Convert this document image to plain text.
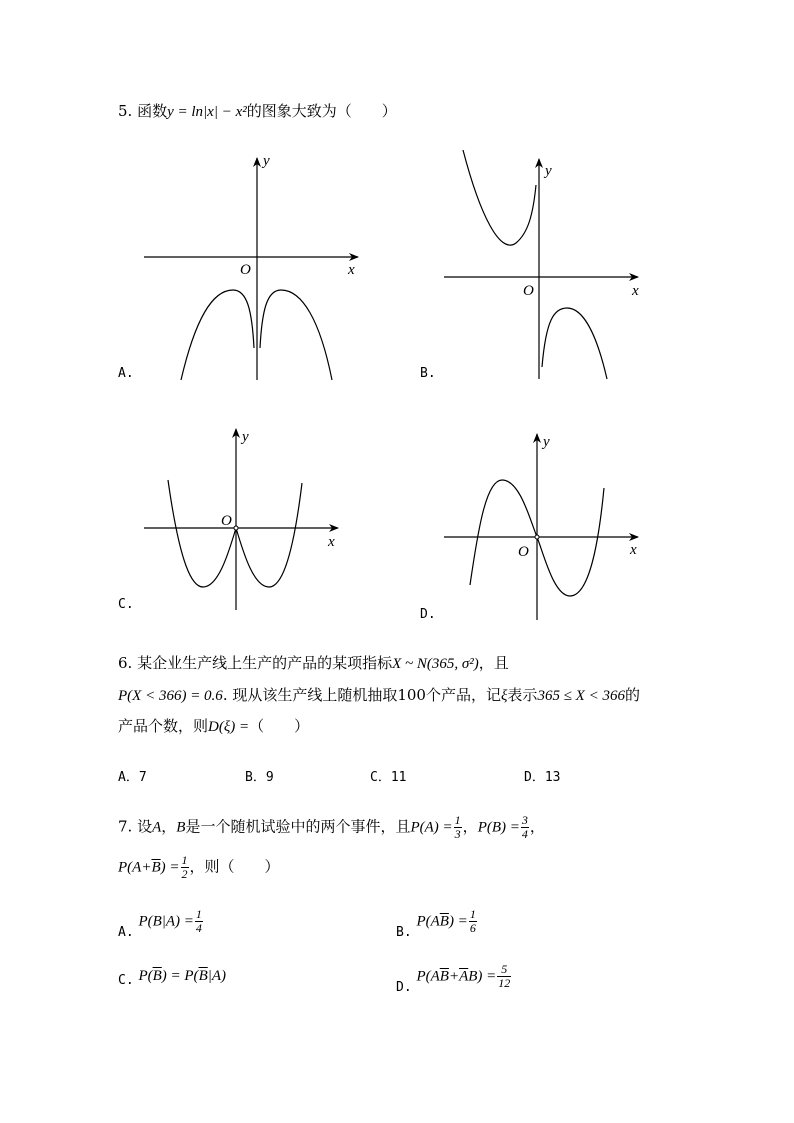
5. 函数y = ln|x| − x²的图象大致为（　　）
y
x
O
A.
y
x
O
B.
y
x
O
C.
y
x
O
D.
6. 某企业生产线上生产的产品的某项指标X ~ N(365, σ²)，且
P(X < 366) = 0.6. 现从该生产线上随机抽取100个产品，记ξ表示365 ≤ X < 366的
产品个数，则D(ξ) =（　　）
A．7	B．9	C．11	D．13
7. 设A，B是一个随机试验中的两个事件，且$P(A) = \frac{1}{3}$ ，$P(B) = \frac{3}{4}$ ，
$P(A+\overline{B}) = \frac{1}{2}$ ，则（　　）
A. $P(B|A) = \frac{1}{4}$	B. $P(A\overline{B}) = \frac{1}{6}$
C. $P(\overline{B}) = P(\overline{B}|A)$
D. $P(A\overline{B}+\overline{A}B) = \frac{5}{12}$
